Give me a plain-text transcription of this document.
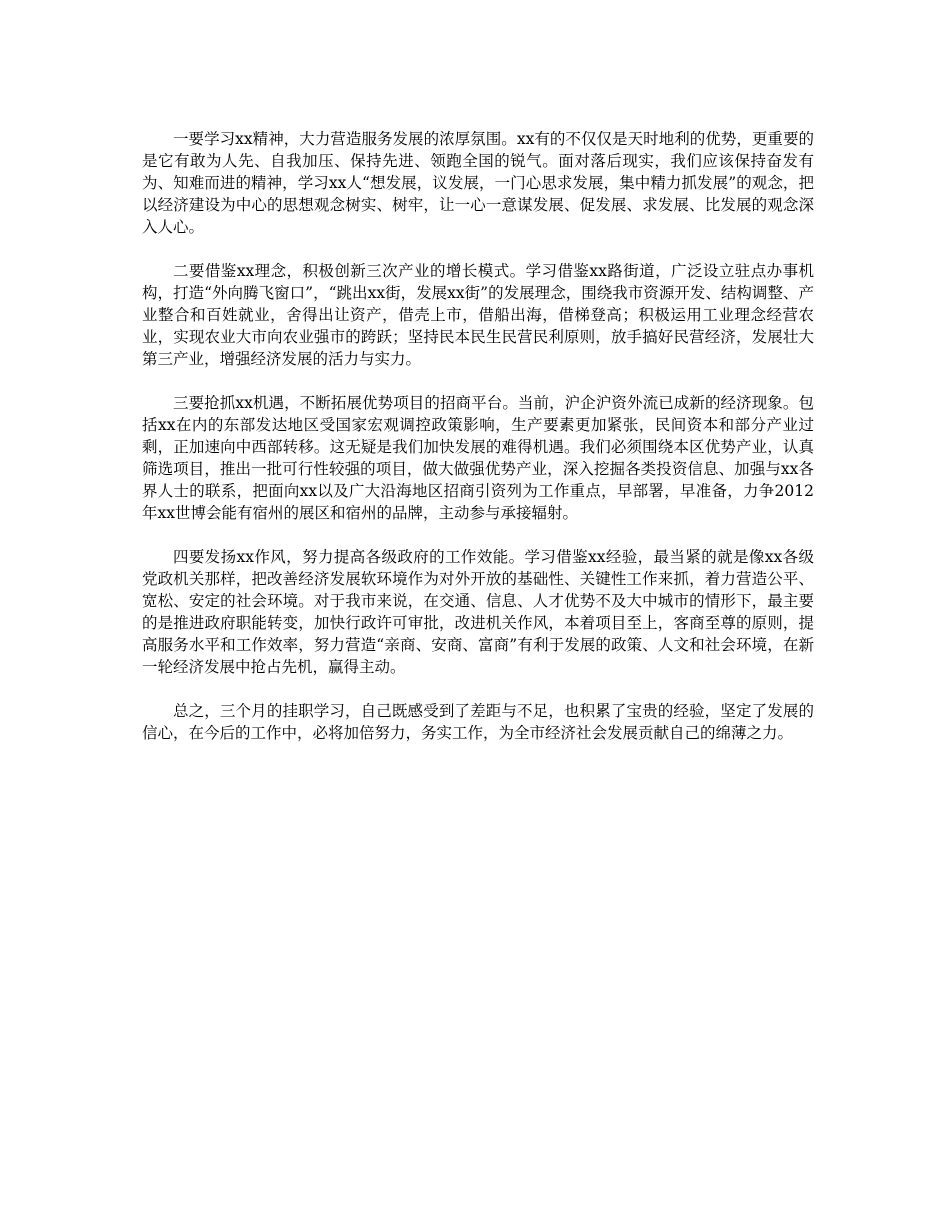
一要学习xx精神，大力营造服务发展的浓厚氛围。xx有的不仅仅是天时地利的优势，更重要的是它有敢为人先、自我加压、保持先进、领跑全国的锐气。面对落后现实，我们应该保持奋发有为、知难而进的精神，学习xx人“想发展，议发展，一门心思求发展，集中精力抓发展”的观念，把以经济建设为中心的思想观念树实、树牢，让一心一意谋发展、促发展、求发展、比发展的观念深入人心。

二要借鉴xx理念，积极创新三次产业的增长模式。学习借鉴xx路街道，广泛设立驻点办事机构，打造“外向腾飞窗口”，“跳出xx街，发展xx街”的发展理念，围绕我市资源开发、结构调整、产业整合和百姓就业，舍得出让资产，借壳上市，借船出海，借梯登高；积极运用工业理念经营农业，实现农业大市向农业强市的跨跃；坚持民本民生民营民利原则，放手搞好民营经济，发展壮大第三产业，增强经济发展的活力与实力。

三要抢抓xx机遇，不断拓展优势项目的招商平台。当前，沪企沪资外流已成新的经济现象。包括xx在内的东部发达地区受国家宏观调控政策影响，生产要素更加紧张，民间资本和部分产业过剩，正加速向中西部转移。这无疑是我们加快发展的难得机遇。我们必须围绕本区优势产业，认真筛选项目，推出一批可行性较强的项目，做大做强优势产业，深入挖掘各类投资信息、加强与xx各界人士的联系，把面向xx以及广大沿海地区招商引资列为工作重点，早部署，早准备，力争2012年xx世博会能有宿州的展区和宿州的品牌，主动参与承接辐射。

四要发扬xx作风，努力提高各级政府的工作效能。学习借鉴xx经验，最当紧的就是像xx各级党政机关那样，把改善经济发展软环境作为对外开放的基础性、关键性工作来抓，着力营造公平、宽松、安定的社会环境。对于我市来说，在交通、信息、人才优势不及大中城市的情形下，最主要的是推进政府职能转变，加快行政许可审批，改进机关作风，本着项目至上，客商至尊的原则，提高服务水平和工作效率，努力营造“亲商、安商、富商”有利于发展的政策、人文和社会环境，在新一轮经济发展中抢占先机，赢得主动。

总之，三个月的挂职学习，自己既感受到了差距与不足，也积累了宝贵的经验，坚定了发展的信心，在今后的工作中，必将加倍努力，务实工作，为全市经济社会发展贡献自己的绵薄之力。
